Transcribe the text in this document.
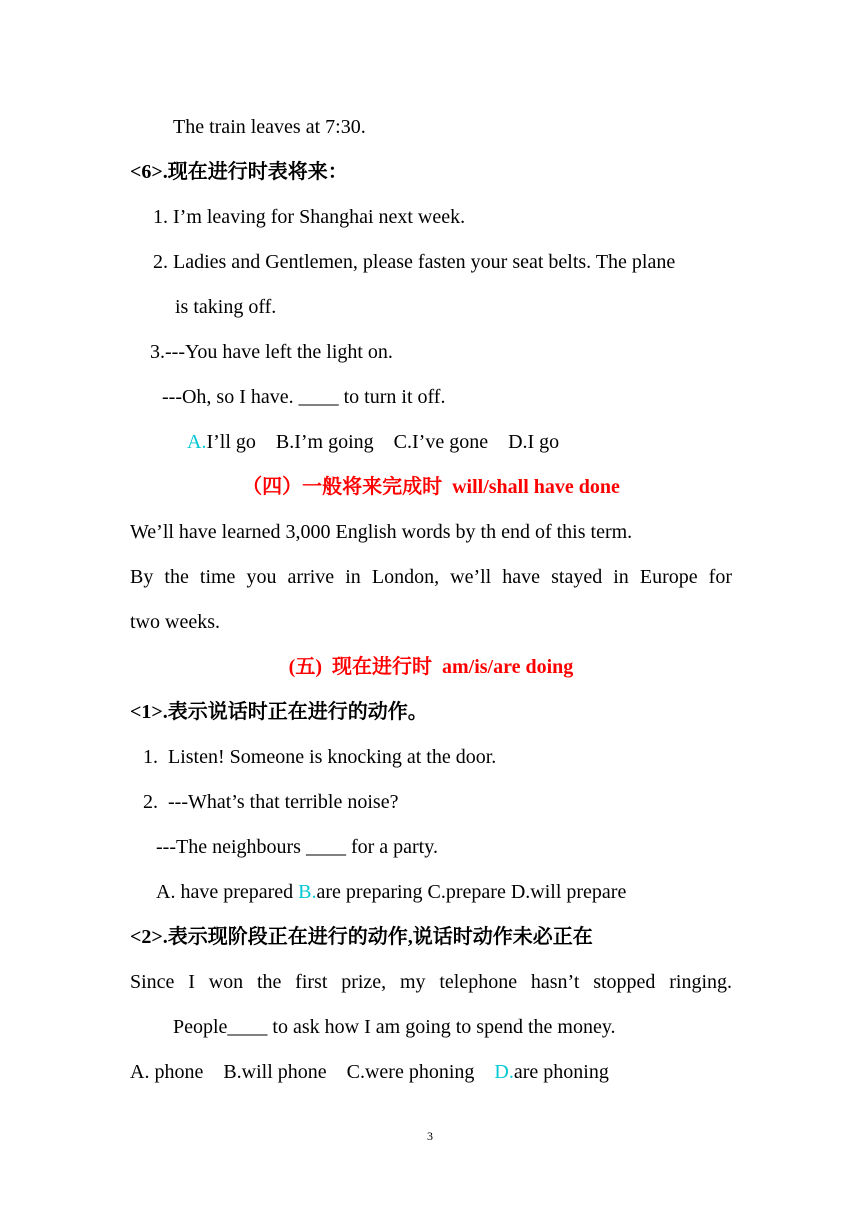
The train leaves at 7:30.
<6>.现在进行时表将来：
1. I’m leaving for Shanghai next week.
2. Ladies and Gentlemen, please fasten your seat belts. The plane
is taking off.
3.---You have left the light on.
---Oh, so I have. ____ to turn it off.
A.I’ll go    B.I’m going    C.I’ve gone    D.I go
（四）一般将来完成时  will/shall have done
We’ll have learned 3,000 English words by th end of this term.
By the time you arrive in London, we’ll have stayed in Europe for
two weeks.
(五)  现在进行时  am/is/are doing
<1>.表示说话时正在进行的动作。
1.  Listen! Someone is knocking at the door.
2.  ---What’s that terrible noise?
---The neighbours ____ for a party.
A. have prepared B.are preparing C.prepare D.will prepare
<2>.表示现阶段正在进行的动作,说话时动作未必正在
Since I won the first prize, my telephone hasn’t stopped ringing.
People____ to ask how I am going to spend the money.
A. phone    B.will phone    C.were phoning    D.are phoning
3
